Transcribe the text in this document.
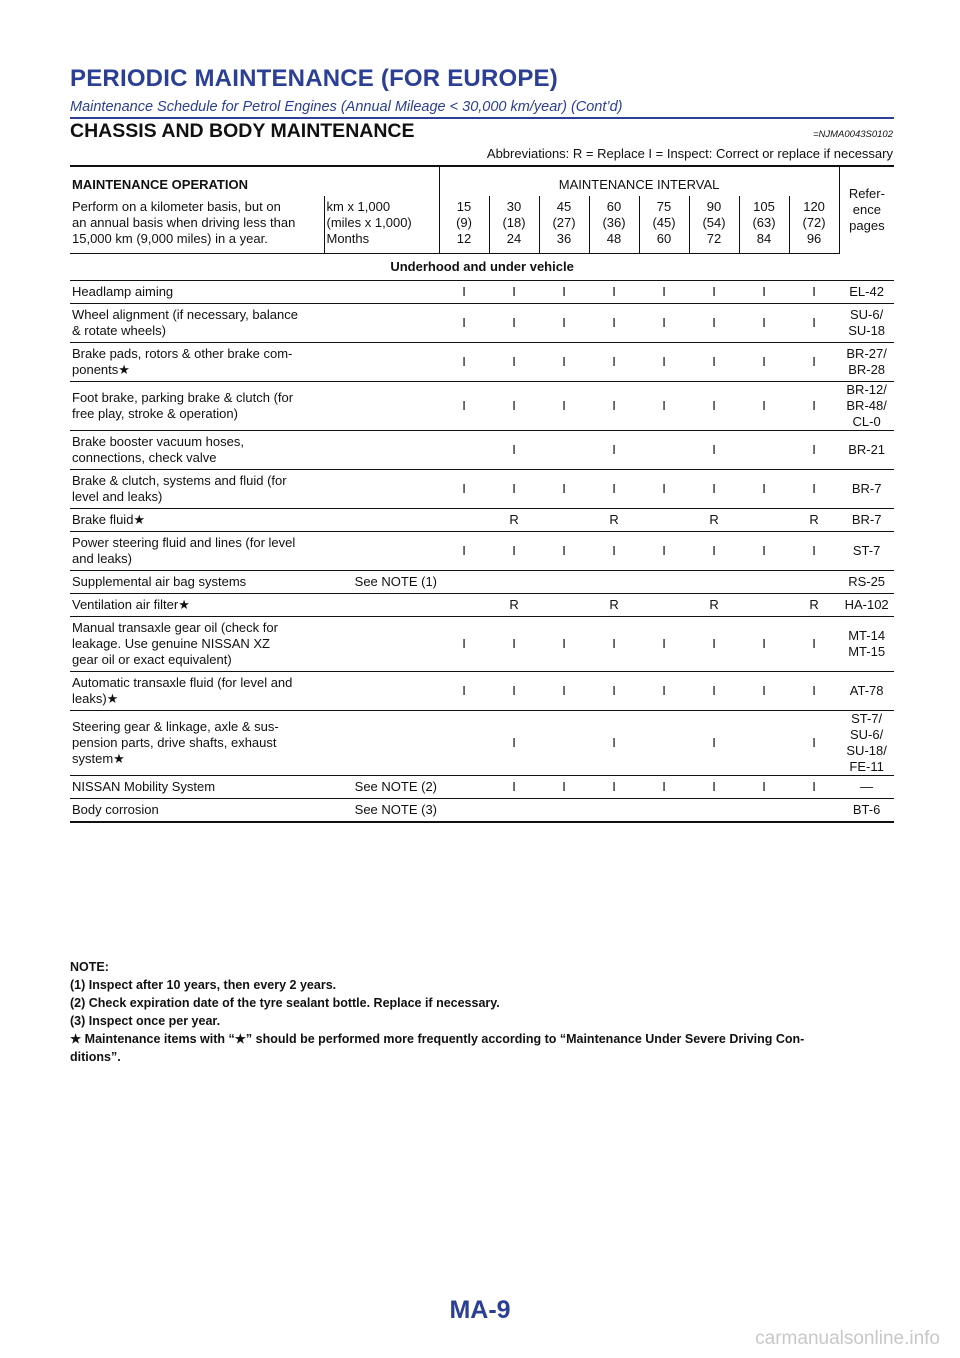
PERIODIC MAINTENANCE (FOR EUROPE)
Maintenance Schedule for Petrol Engines (Annual Mileage < 30,000 km/year) (Cont’d)
CHASSIS AND BODY MAINTENANCE	=NJMA0043S0102
Abbreviations: R = Replace I = Inspect: Correct or replace if necessary
MAINTENANCE OPERATION		MAINTENANCE INTERVAL								Refer-
ence
pages
Perform on a kilometer basis, but on
an annual basis when driving less than
15,000 km (9,000 miles) in a year.	km x 1,000
(miles x 1,000)
Months	15
(9)
12	30
(18)
24	45
(27)
36	60
(36)
48	75
(45)
60	90
(54)
72	105
(63)
84	120
(72)
96	
Underhood and under vehicle										
Headlamp aiming		I	I	I	I	I	I	I	I	EL-42
Wheel alignment (if necessary, balance
& rotate wheels)		I	I	I	I	I	I	I	I	SU-6/
SU-18
Brake pads, rotors & other brake com-
ponents★		I	I	I	I	I	I	I	I	BR-27/
BR-28
Foot brake, parking brake & clutch (for
free play, stroke & operation)		I	I	I	I	I	I	I	I	BR-12/
BR-48/
CL-0
Brake booster vacuum hoses,
connections, check valve			I		I		I		I	BR-21
Brake & clutch, systems and fluid (for
level and leaks)		I	I	I	I	I	I	I	I	BR-7
Brake fluid★			R		R		R		R	BR-7
Power steering fluid and lines (for level
and leaks)		I	I	I	I	I	I	I	I	ST-7
Supplemental air bag systems	See NOTE (1)									RS-25
Ventilation air filter★			R		R		R		R	HA-102
Manual transaxle gear oil (check for
leakage. Use genuine NISSAN XZ
gear oil or exact equivalent)		I	I	I	I	I	I	I	I	MT-14
MT-15
Automatic transaxle fluid (for level and
leaks)★		I	I	I	I	I	I	I	I	AT-78
Steering gear & linkage, axle & sus-
pension parts, drive shafts, exhaust
system★			I		I		I		I	ST-7/
SU-6/
SU-18/
FE-11
NISSAN Mobility System	See NOTE (2)		I	I	I	I	I	I	I	—
Body corrosion	See NOTE (3)									BT-6
NOTE:
(1) Inspect after 10 years, then every 2 years.
(2) Check expiration date of the tyre sealant bottle. Replace if necessary.
(3) Inspect once per year.
★ Maintenance items with “★” should be performed more frequently according to “Maintenance Under Severe Driving Con-
ditions”.
MA-9
carmanualsonline.info
